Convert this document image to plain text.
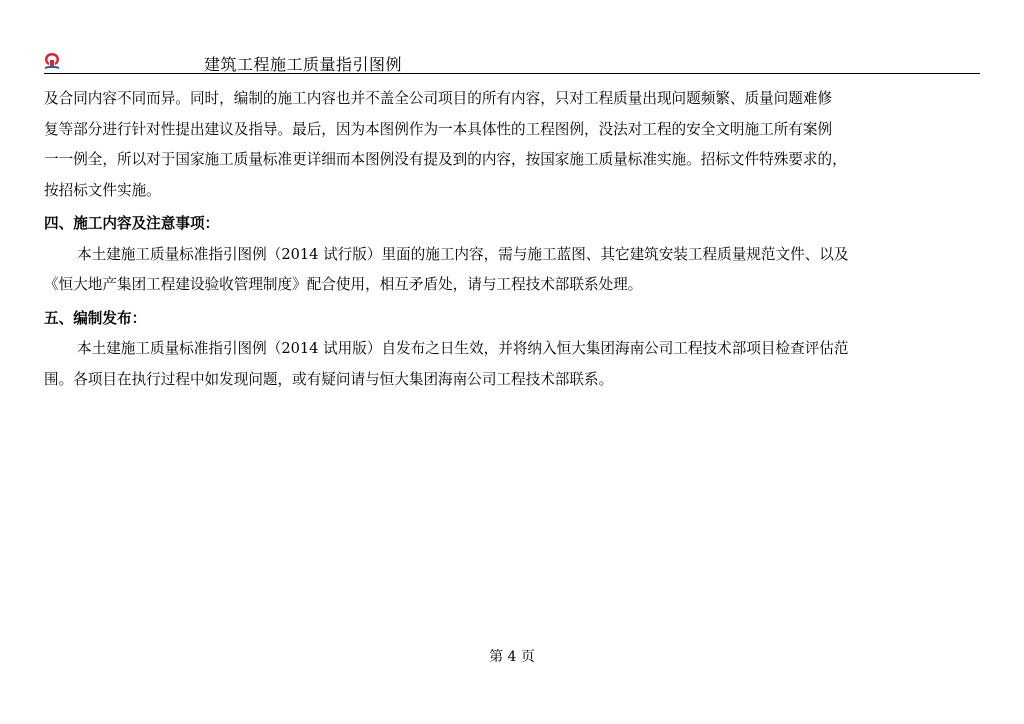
建筑工程施工质量指引图例
及合同内容不同而异。同时，编制的施工内容也并不盖全公司项目的所有内容，只对工程质量出现问题频繁、质量问题难修
复等部分进行针对性提出建议及指导。最后，因为本图例作为一本具体性的工程图例，没法对工程的安全文明施工所有案例
一一例全，所以对于国家施工质量标准更详细而本图例没有提及到的内容，按国家施工质量标准实施。招标文件特殊要求的，
按招标文件实施。
四、施工内容及注意事项：
本土建施工质量标准指引图例（2014 试行版）里面的施工内容，需与施工蓝图、其它建筑安装工程质量规范文件、以及
《恒大地产集团工程建设验收管理制度》配合使用，相互矛盾处，请与工程技术部联系处理。
五、编制发布：
本土建施工质量标准指引图例（2014 试用版）自发布之日生效，并将纳入恒大集团海南公司工程技术部项目检查评估范
围。各项目在执行过程中如发现问题，或有疑问请与恒大集团海南公司工程技术部联系。
第 4 页
